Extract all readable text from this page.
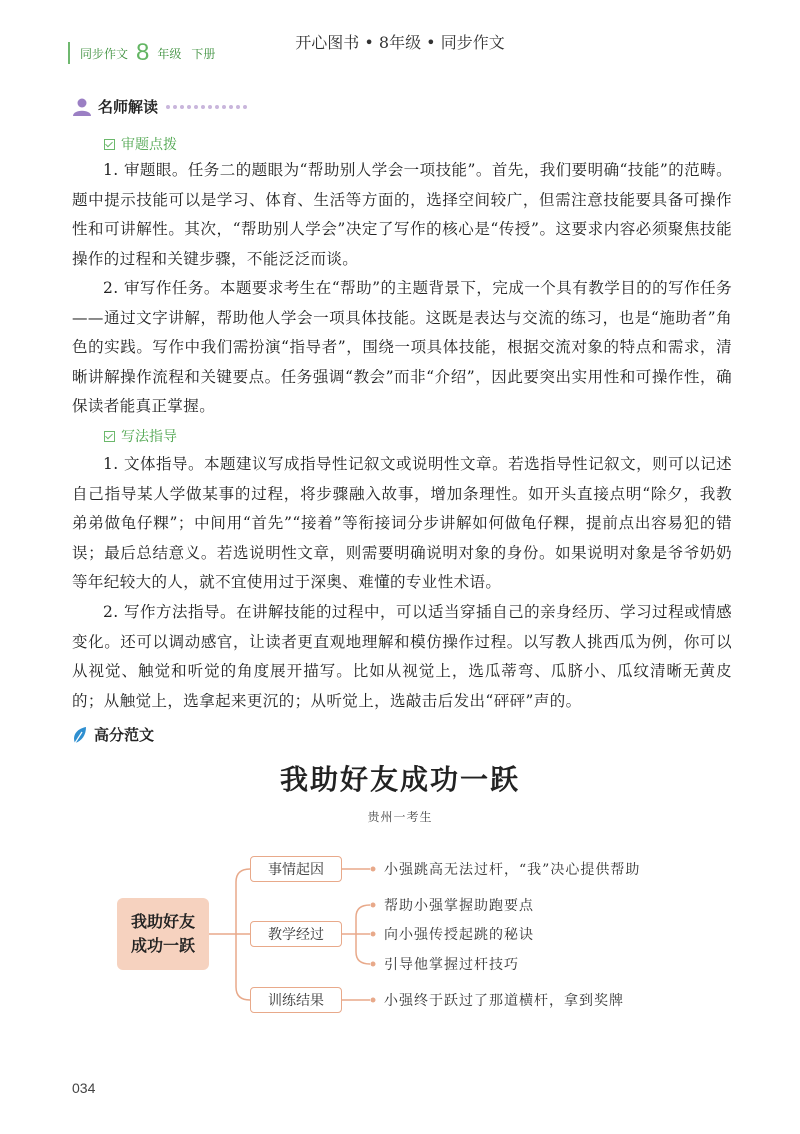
同步作文 8 年级 下册
开心图书 • 8年级 • 同步作文
名师解读
审题点拨
1. 审题眼。任务二的题眼为“帮助别人学会一项技能”。首先，我们要明确“技能”的范畴。题中提示技能可以是学习、体育、生活等方面的，选择空间较广，但需注意技能要具备可操作性和可讲解性。其次，“帮助别人学会”决定了写作的核心是“传授”。这要求内容必须聚焦技能操作的过程和关键步骤，不能泛泛而谈。
2. 审写作任务。本题要求考生在“帮助”的主题背景下，完成一个具有教学目的的写作任务——通过文字讲解，帮助他人学会一项具体技能。这既是表达与交流的练习，也是“施助者”角色的实践。写作中我们需扮演“指导者”，围绕一项具体技能，根据交流对象的特点和需求，清晰讲解操作流程和关键要点。任务强调“教会”而非“介绍”，因此要突出实用性和可操作性，确保读者能真正掌握。
写法指导
1. 文体指导。本题建议写成指导性记叙文或说明性文章。若选指导性记叙文，则可以记述自己指导某人学做某事的过程，将步骤融入故事，增加条理性。如开头直接点明“除夕，我教弟弟做龟仔粿”；中间用“首先”“接着”等衔接词分步讲解如何做龟仔粿，提前点出容易犯的错误；最后总结意义。若选说明性文章，则需要明确说明对象的身份。如果说明对象是爷爷奶奶等年纪较大的人，就不宜使用过于深奥、难懂的专业性术语。
2. 写作方法指导。在讲解技能的过程中，可以适当穿插自己的亲身经历、学习过程或情感变化。还可以调动感官，让读者更直观地理解和模仿操作过程。以写教人挑西瓜为例，你可以从视觉、触觉和听觉的角度展开描写。比如从视觉上，选瓜蒂弯、瓜脐小、瓜纹清晰无黄皮的；从触觉上，选拿起来更沉的；从听觉上，选敲击后发出“砰砰”声的。
高分范文
我助好友成功一跃
贵州一考生
我助好友
成功一跃
事情起因
教学经过
训练结果
小强跳高无法过杆，“我”决心提供帮助
帮助小强掌握助跑要点
向小强传授起跳的秘诀
引导他掌握过杆技巧
小强终于跃过了那道横杆，拿到奖牌
034
